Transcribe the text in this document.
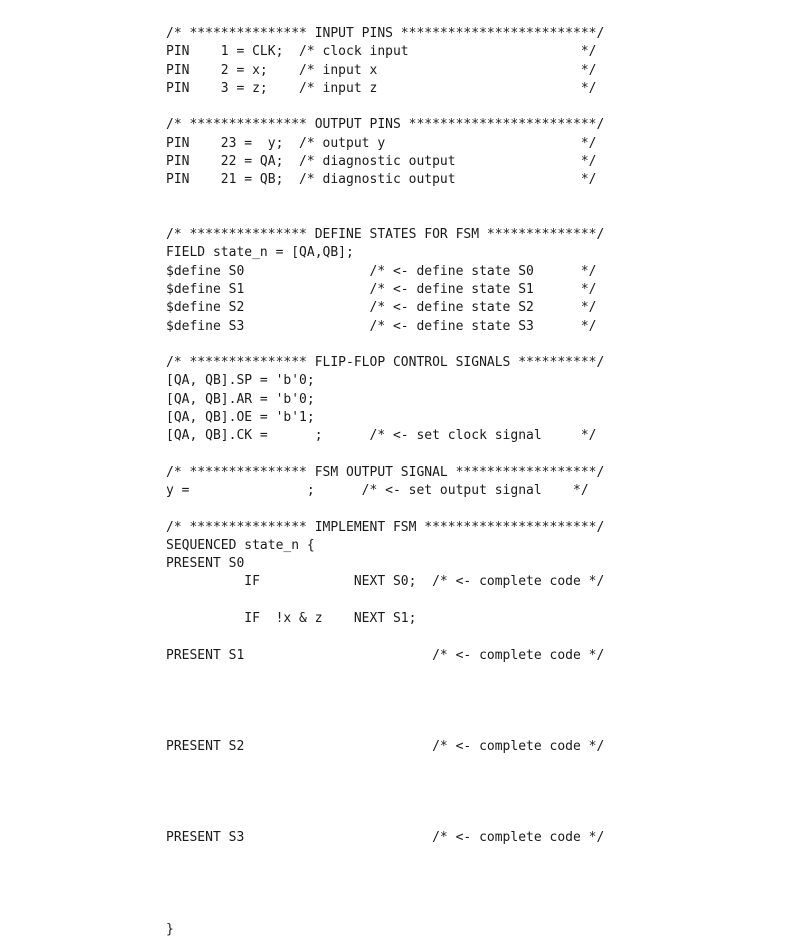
/* *************** INPUT PINS *************************/
PIN    1 = CLK;  /* clock input                      */
PIN    2 = x;    /* input x                          */
PIN    3 = z;    /* input z                          */
/* *************** OUTPUT PINS ************************/
PIN    23 =  y;  /* output y                         */
PIN    22 = QA;  /* diagnostic output                */
PIN    21 = QB;  /* diagnostic output                */
/* *************** DEFINE STATES FOR FSM **************/
FIELD state_n = [QA,QB];
$define S0                /* <- define state S0      */
$define S1                /* <- define state S1      */
$define S2                /* <- define state S2      */
$define S3                /* <- define state S3      */
/* *************** FLIP-FLOP CONTROL SIGNALS **********/
[QA, QB].SP = 'b'0;
[QA, QB].AR = 'b'0;
[QA, QB].OE = 'b'1;
[QA, QB].CK =      ;      /* <- set clock signal     */
/* *************** FSM OUTPUT SIGNAL ******************/
y =               ;      /* <- set output signal    */
/* *************** IMPLEMENT FSM **********************/
SEQUENCED state_n {
PRESENT S0
IF            NEXT S0;  /* <- complete code */
IF  !x & z    NEXT S1;
PRESENT S1                        /* <- complete code */
PRESENT S2                        /* <- complete code */
PRESENT S3                        /* <- complete code */
}
